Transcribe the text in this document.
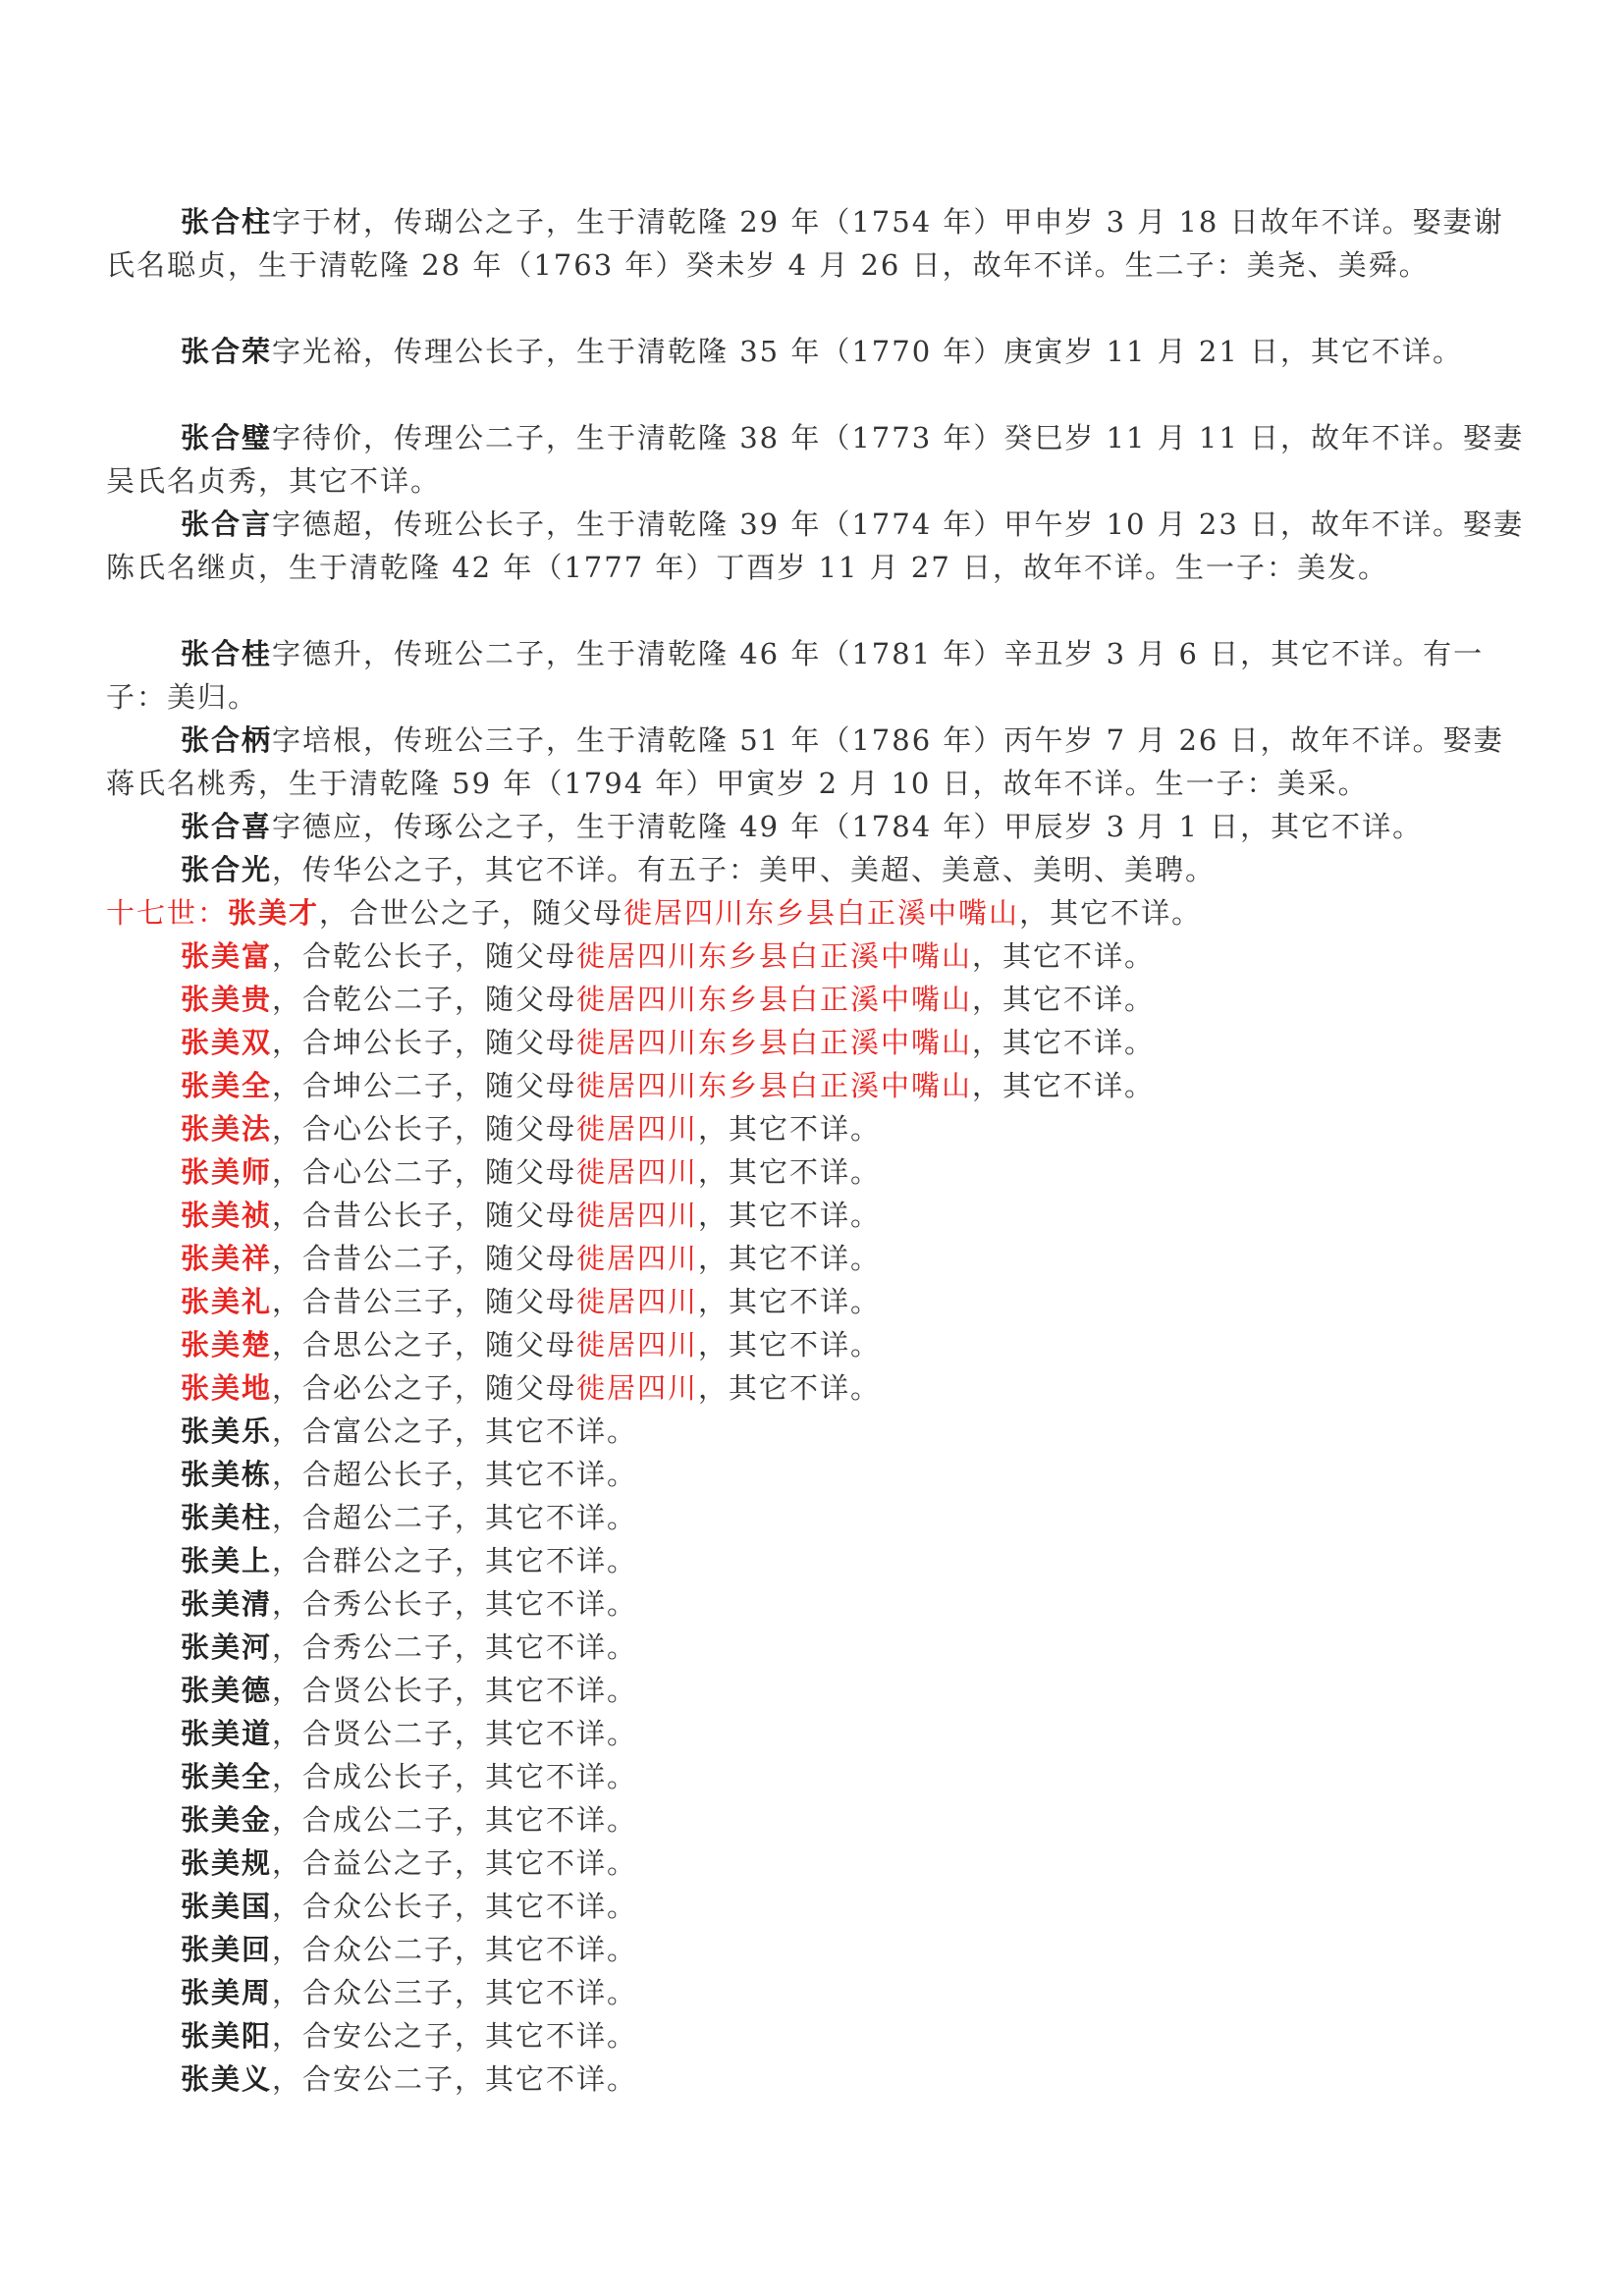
张合柱字于材，传瑚公之子，生于清乾隆 29 年（1754 年）甲申岁 3 月 18 日故年不详。娶妻谢氏名聪贞，生于清乾隆 28 年（1763 年）癸未岁 4 月 26 日，故年不详。生二子：美尧、美舜。

张合荣字光裕，传理公长子，生于清乾隆 35 年（1770 年）庚寅岁 11 月 21 日，其它不详。

张合璧字待价，传理公二子，生于清乾隆 38 年（1773 年）癸巳岁 11 月 11 日，故年不详。娶妻吴氏名贞秀，其它不详。

张合言字德超，传班公长子，生于清乾隆 39 年（1774 年）甲午岁 10 月 23 日，故年不详。娶妻陈氏名继贞，生于清乾隆 42 年（1777 年）丁酉岁 11 月 27 日，故年不详。生一子：美发。

张合桂字德升，传班公二子，生于清乾隆 46 年（1781 年）辛丑岁 3 月 6 日，其它不详。有一子：美归。

张合柄字培根，传班公三子，生于清乾隆 51 年（1786 年）丙午岁 7 月 26 日，故年不详。娶妻蒋氏名桃秀，生于清乾隆 59 年（1794 年）甲寅岁 2 月 10 日，故年不详。生一子：美采。

张合喜字德应，传琢公之子，生于清乾隆 49 年（1784 年）甲辰岁 3 月 1 日，其它不详。

张合光，传华公之子，其它不详。有五子：美甲、美超、美意、美明、美聘。

十七世：张美才，合世公之子，随父母徙居四川东乡县白正溪中嘴山，其它不详。
张美富，合乾公长子，随父母徙居四川东乡县白正溪中嘴山，其它不详。
张美贵，合乾公二子，随父母徙居四川东乡县白正溪中嘴山，其它不详。
张美双，合坤公长子，随父母徙居四川东乡县白正溪中嘴山，其它不详。
张美全，合坤公二子，随父母徙居四川东乡县白正溪中嘴山，其它不详。
张美法，合心公长子，随父母徙居四川，其它不详。
张美师，合心公二子，随父母徙居四川，其它不详。
张美祯，合昔公长子，随父母徙居四川，其它不详。
张美祥，合昔公二子，随父母徙居四川，其它不详。
张美礼，合昔公三子，随父母徙居四川，其它不详。
张美楚，合思公之子，随父母徙居四川，其它不详。
张美地，合必公之子，随父母徙居四川，其它不详。
张美乐，合富公之子，其它不详。
张美栋，合超公长子，其它不详。
张美柱，合超公二子，其它不详。
张美上，合群公之子，其它不详。
张美清，合秀公长子，其它不详。
张美河，合秀公二子，其它不详。
张美德，合贤公长子，其它不详。
张美道，合贤公二子，其它不详。
张美全，合成公长子，其它不详。
张美金，合成公二子，其它不详。
张美规，合益公之子，其它不详。
张美国，合众公长子，其它不详。
张美回，合众公二子，其它不详。
张美周，合众公三子，其它不详。
张美阳，合安公之子，其它不详。
张美义，合安公二子，其它不详。
